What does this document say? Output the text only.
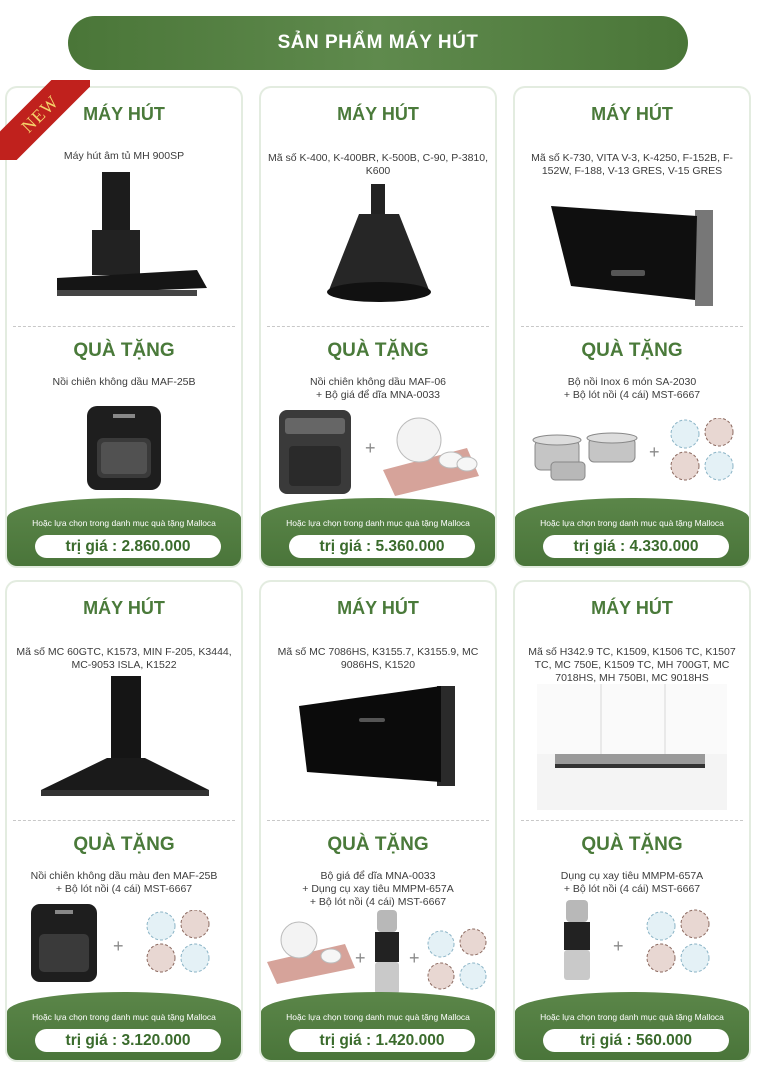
SẢN PHẨM MÁY HÚT
MÁY HÚT
Máy hút âm tủ MH 900SP
QUÀ TẶNG
Nồi chiên không dầu MAF-25B
Hoặc lựa chọn trong danh mục quà tặng Malloca
trị giá : 2.860.000
MÁY HÚT
Mã số K-400, K-400BR, K-500B, C-90, P-3810, K600
QUÀ TẶNG
Nồi chiên không dầu MAF-06
+ Bộ giá để dĩa MNA-0033
+
Hoặc lựa chọn trong danh mục quà tặng Malloca
trị giá : 5.360.000
MÁY HÚT
Mã số K-730, VITA V-3, K-4250, F-152B, F-152W, F-188, V-13 GRES, V-15 GRES
QUÀ TẶNG
Bộ nồi Inox 6 món SA-2030
+ Bộ lót nồi (4 cái) MST-6667
+
Hoặc lựa chọn trong danh mục quà tặng Malloca
trị giá : 4.330.000
MÁY HÚT
Mã số MC 60GTC, K1573, MIN F-205, K3444, MC-9053 ISLA, K1522
QUÀ TẶNG
Nồi chiên không dầu màu đen MAF-25B
+ Bộ lót nồi (4 cái) MST-6667
+
Hoặc lựa chọn trong danh mục quà tặng Malloca
trị giá : 3.120.000
MÁY HÚT
Mã số MC 7086HS, K3155.7, K3155.9, MC 9086HS, K1520
QUÀ TẶNG
Bộ giá để dĩa MNA-0033
+ Dụng cụ xay tiêu MMPM-657A
+ Bộ lót nồi (4 cái) MST-6667
+ +
Hoặc lựa chọn trong danh mục quà tặng Malloca
trị giá : 1.420.000
MÁY HÚT
Mã số H342.9 TC, K1509, K1506 TC, K1507 TC, MC 750E, K1509 TC, MH 700GT, MC 7018HS, MH 750BI, MC 9018HS
QUÀ TẶNG
Dụng cụ xay tiêu MMPM-657A
+ Bộ lót nồi (4 cái) MST-6667
+
Hoặc lựa chọn trong danh mục quà tặng Malloca
trị giá : 560.000
NEW
